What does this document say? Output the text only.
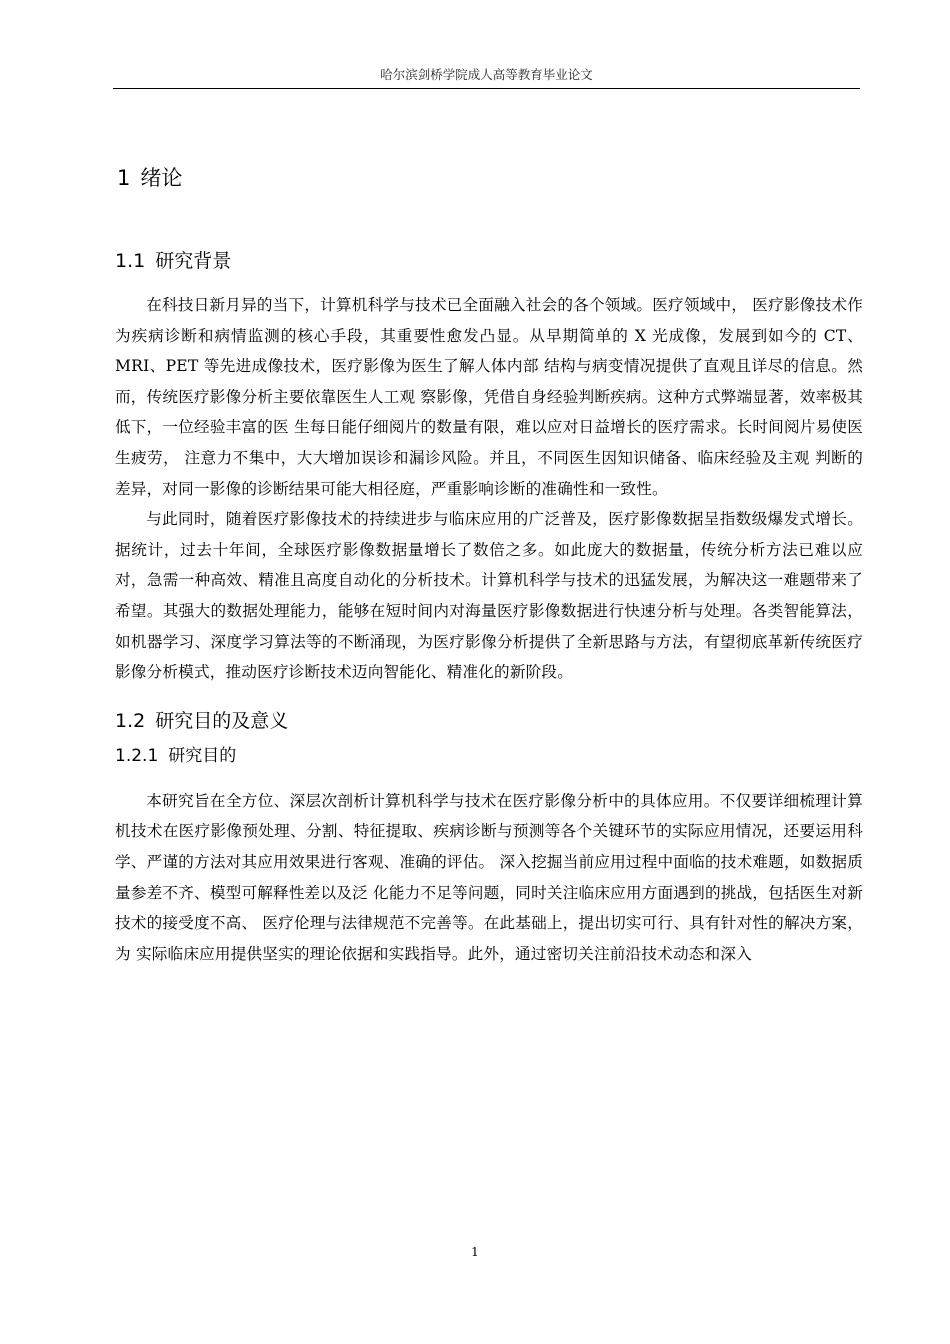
哈尔滨剑桥学院成人高等教育毕业论文
1 绪论
1.1 研究背景

在科技日新月异的当下，计算机科学与技术已全面融入社会的各个领域。医疗领域中， 医疗影像技术作为疾病诊断和病情监测的核心手段，其重要性愈发凸显。从早期简单的 X 光成像，发展到如今的 CT、MRI、PET 等先进成像技术，医疗影像为医生了解人体内部 结构与病变情况提供了直观且详尽的信息。然而，传统医疗影像分析主要依靠医生人工观 察影像，凭借自身经验判断疾病。这种方式弊端显著，效率极其低下，一位经验丰富的医 生每日能仔细阅片的数量有限，难以应对日益增长的医疗需求。长时间阅片易使医生疲劳， 注意力不集中，大大增加误诊和漏诊风险。并且，不同医生因知识储备、临床经验及主观 判断的差异，对同一影像的诊断结果可能大相径庭，严重影响诊断的准确性和一致性。

与此同时，随着医疗影像技术的持续进步与临床应用的广泛普及，医疗影像数据呈指数级爆发式增长。据统计，过去十年间，全球医疗影像数据量增长了数倍之多。如此庞大的数据量，传统分析方法已难以应对，急需一种高效、精准且高度自动化的分析技术。计算机科学与技术的迅猛发展，为解决这一难题带来了希望。其强大的数据处理能力，能够在短时间内对海量医疗影像数据进行快速分析与处理。各类智能算法，如机器学习、深度学习算法等的不断涌现，为医疗影像分析提供了全新思路与方法，有望彻底革新传统医疗影像分析模式，推动医疗诊断技术迈向智能化、精准化的新阶段。

1.2 研究目的及意义
1.2.1 研究目的

本研究旨在全方位、深层次剖析计算机科学与技术在医疗影像分析中的具体应用。不仅要详细梳理计算机技术在医疗影像预处理、分割、特征提取、疾病诊断与预测等各个关键环节的实际应用情况，还要运用科学、严谨的方法对其应用效果进行客观、准确的评估。 深入挖掘当前应用过程中面临的技术难题，如数据质量参差不齐、模型可解释性差以及泛 化能力不足等问题，同时关注临床应用方面遇到的挑战，包括医生对新技术的接受度不高、 医疗伦理与法律规范不完善等。在此基础上，提出切实可行、具有针对性的解决方案，为 实际临床应用提供坚实的理论依据和实践指导。此外，通过密切关注前沿技术动态和深入

1
